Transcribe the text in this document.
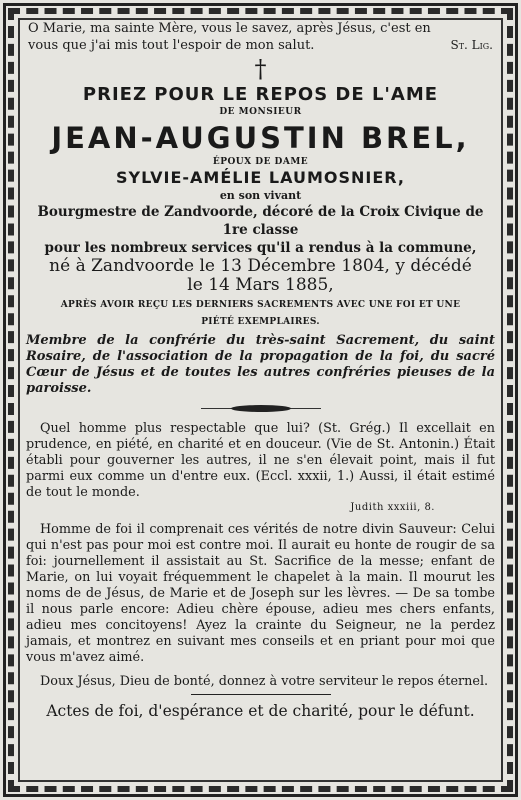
O Marie, ma sainte Mère, vous le savez, après Jésus, c'est en
vous que j'ai mis tout l'espoir de mon salut.	St. Lig.
†
PRIEZ POUR LE REPOS DE L'AME
DE MONSIEUR
JEAN-AUGUSTIN BREL,
ÉPOUX DE DAME
SYLVIE-AMÉLIE LAUMOSNIER,
en son vivant
Bourgmestre de Zandvoorde, décoré de la Croix Civique de 1re classe
pour les nombreux services qu'il a rendus à la commune,
né à Zandvoorde le 13 Décembre 1804, y décédé
le 14 Mars 1885,
APRÈS AVOIR REÇU LES DERNIERS SACREMENTS AVEC UNE FOI ET UNE
PIÉTÉ EXEMPLAIRES.
Membre de la confrérie du très-saint Sacrement, du saint Rosaire, de l'association de la propagation de la foi, du sacré Cœur de Jésus et de toutes les autres confréries pieuses de la paroisse.

Quel homme plus respectable que lui? (St. Grég.) Il excellait en prudence, en piété, en charité et en douceur. (Vie de St. Antonin.) Était établi pour gouverner les autres, il ne s'en élevait point, mais il fut parmi eux comme un d'entre eux. (Eccl. xxxii, 1.) Aussi, il était estimé de tout le monde.

Judith xxxiii, 8.

Homme de foi il comprenait ces vérités de notre divin Sauveur: Celui qui n'est pas pour moi est contre moi. Il aurait eu honte de rougir de sa foi: journellement il assistait au St. Sacrifice de la messe; enfant de Marie, on lui voyait fréquemment le chapelet à la main. Il mourut les noms de de Jésus, de Marie et de Joseph sur les lèvres. — De sa tombe il nous parle encore: Adieu chère épouse, adieu mes chers enfants, adieu mes concitoyens! Ayez la crainte du Seigneur, ne la perdez jamais, et montrez en suivant mes conseils et en priant pour moi que vous m'avez aimé.

Doux Jésus, Dieu de bonté, donnez à votre serviteur le repos éternel.

Actes de foi, d'espérance et de charité, pour le défunt.
